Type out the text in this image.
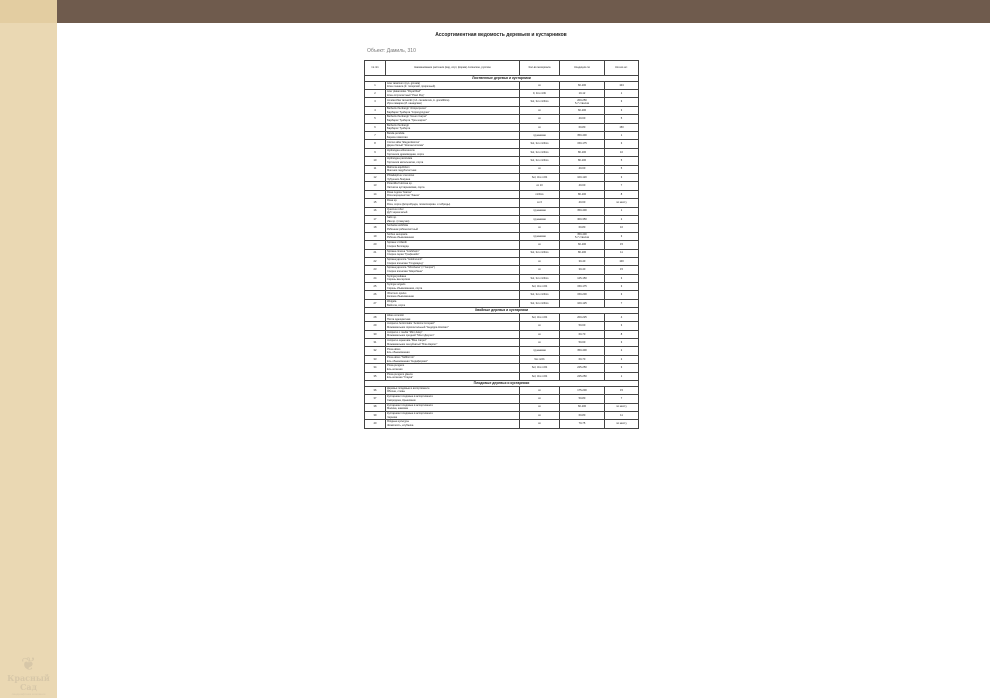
❦
Красный Сад
ландшафтная компания
Ассортиментная ведомость деревьев и кустарников
Объект: Дамиль, 310
№ п/п	Наименование растения (вид, сорт, форма) латинское, русское	Кол-во материала	Кондиция см	Кол-во шт.
Лиственные деревья и кустарники				
1	Acer tataricum (syn. ginnala)
Клен гиннала (К. татарский, приречный)	co	60-100	104
2	Acer platanoides "Royal Red"
Клен остролистный "Роял Ред"	9, 3хз mOb	10-12	1
3	Amelanchier lamarckii (=A. canadensis, A. grandiflora)
Ирга ламарка (И. канадская)	Sol, 3хз mObcs	200-250
5-7 стволов	3
4	Berberis thunbergii "Atropurpurea"
Барбарис Тунберга "Атропурпуреа"	co	60-100	3
5	Berberis thunbergii "Green Carpet"
Барбарис Тунберга "Грин карпет"	co	40-60	5
6	Berberis thunbergii
Барбарис Тунберга	co	60-80	150
7	Betula pendula
Береза повислая	грунаемая	350-400	1
8	Cornus alba "Elegantissima"
Дерен белый "Элегантиссима"	Sol, 3хз mObcs	150-175	3
9	Hydrangea arborescens
Гортензия древовидная, сорта	Sol, 3хз mObcs	80-100	10
10	Hydrangea paniculata
Гортензия метельчатая, сорта	Sol, 3хз mObcs	80-100	5
11	Mahonia aquifolium
Магония падуболистная	co	40-60	5
12	Philadelphus x lemoinei
Чубушник Лемуана	Sol, 3хз mOb	100-120	3
13	Potentilla fruticosa sp.
Лапчатка кустарниковая, сорта	co 10	40-60	7
14	Rosa rugosa "Hansa"
Роза морщинистая "Ханза"	mObcs	80-100	8
15	Rosa sp.
Роза, сорта (флорибунда, почвопокровн. и гибриды)	co 6	40-60	по месту
16	Quercus robur
Дуб черешчатый	грунаемая	350-400	1
17	Salix sp.
Ива sp. (плакучая)	грунаемая	300-350	2
18	Sorbaria sorbifolia
Рябинник рябинолистный	co	60-80	10
19	Sorbus aucuparia
Рябина обыкновенная	грунаемая	350-400
5-7 стволов	3
20	Spiraea x billardii
Спирея Билларда	co	60-100	15
21	Spiraea cinerea "Grefsheim"
Спирея серая "Грефшейм"	Sol, 3хз mObcs	80-100	11
22	Spiraea japonica "Goldmound"
Спирея японская "Голдмаунд"	co	30-40	100
23	Spiraea japonica "Shirobana" (="Genpei")
Спирея японская "Широбана"	co	30-40	15
24	Syringa josikaea
Сирень венгерская	Sol, 3хз mObcs	125-150	3
25	Syringa vulgaris
Сирень обыкновенная, сорта	Sol, 3хз mOb	150-175	3
26	Viburnum opulus
Калина обыкновенная	Sol, 3хз mObcs	150-200	3
27	Weigela
Вейгела, сорта	Sol, 3хз mObcs	100-125	7
Хвойные деревья и кустарники				
28	Abies concolor
Пихта одноцветная	Sol, 3хз mOb	200-225	4
29	Juniperus horizontalis "Andorra Compact"
Можжевельник горизонтальный "Андорра Компакт"	co	50-60	3
30	Juniperus x media "Mint Julep"
Можжевельник средний "Минт Джулеп"	co	60-70	8
31	Juniperus squamata "Blue Carpet"
Можжевельник чешуйчатый "Блю Карпет"	co	50-60	3
32	Picea abies
Ель обыкновенная	грунаемая	350-400	2
33	Picea abies "Nidiformis"
Ель обыкновенная "Нидиформис"	9хз mOb	60-70	2
34	Picea pungens
Ель колючая	Sol, 3хз mOb	225-250	3
35	Picea pungens glauca
Ель колючая "Глаука"	Sol, 3хз mOb	225-250	1
Плодовые деревья и кустарники				
36	Деревья плодовые в ассортименте
Яблони, сливы	co	175-200	15
37	Кустарники плодовые в ассортименте
Смородина, Крыжовник	co	50-80	7
38	Кустарники плодовые в ассортименте
Малина, ежевика	co	60-100	по месту
39	Кустарники плодовые в ассортименте
Черника	co	60-80	11
40	Ягодные культуры
Жимолость, клубника	co	70-75	по месту
